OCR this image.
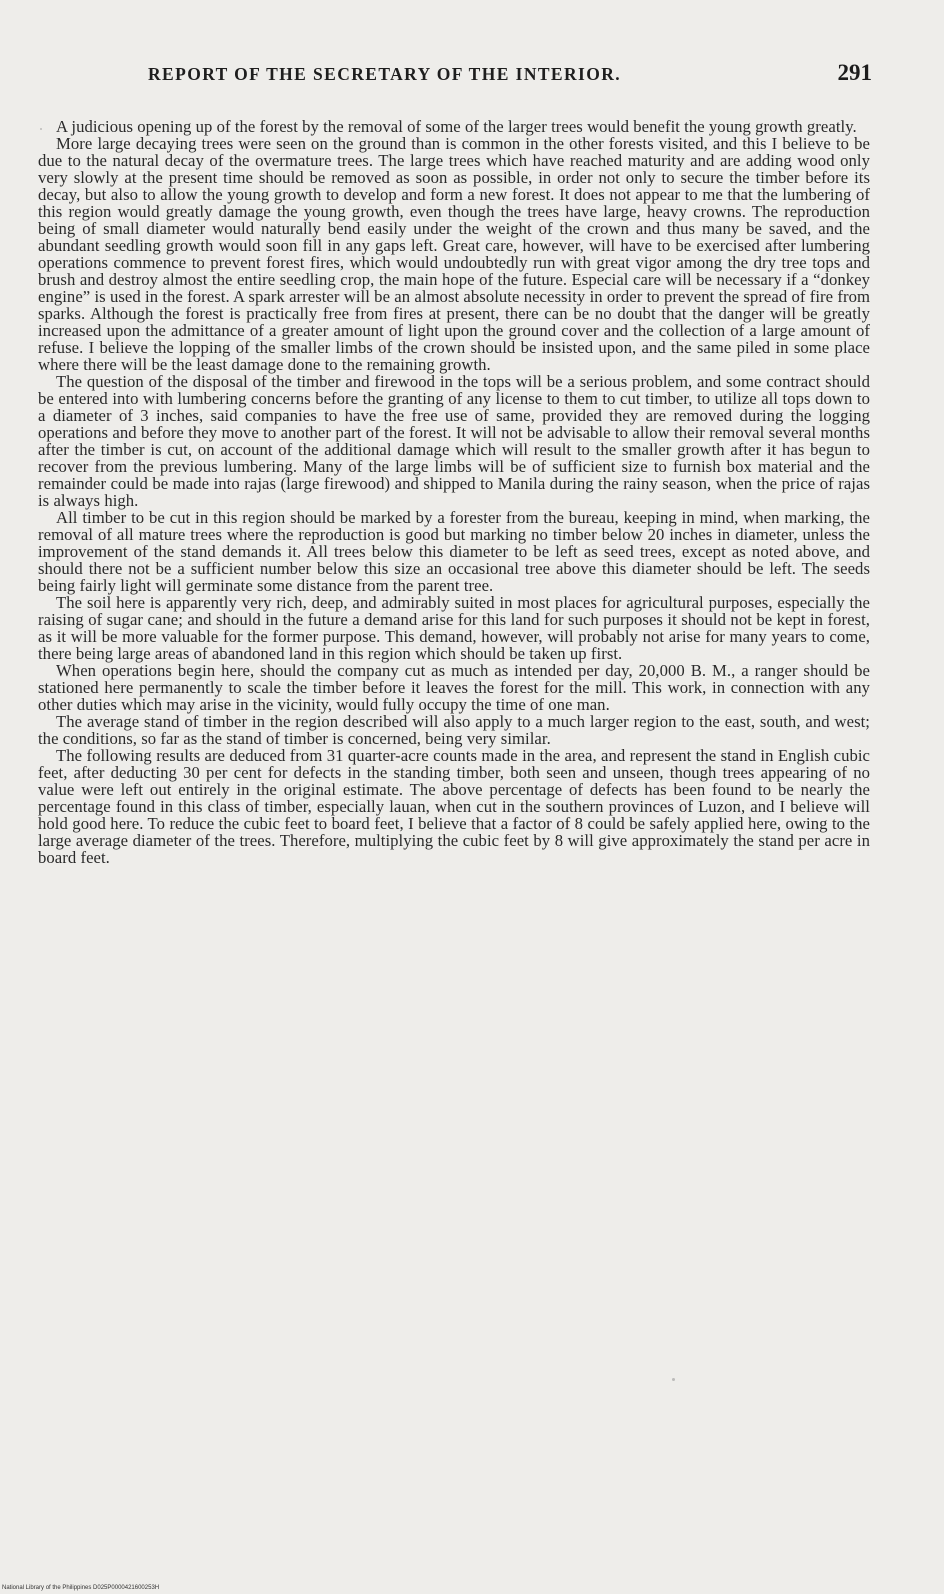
REPORT OF THE SECRETARY OF THE INTERIOR.	291

A judicious opening up of the forest by the removal of some of the larger trees would benefit the young growth greatly.

More large decaying trees were seen on the ground than is common in the other forests visited, and this I believe to be due to the natural decay of the overmature trees. The large trees which have reached maturity and are adding wood only very slowly at the present time should be removed as soon as possible, in order not only to secure the timber before its decay, but also to allow the young growth to develop and form a new forest. It does not appear to me that the lumbering of this region would greatly damage the young growth, even though the trees have large, heavy crowns. The reproduction being of small diameter would naturally bend easily under the weight of the crown and thus many be saved, and the abundant seedling growth would soon fill in any gaps left. Great care, however, will have to be exercised after lumbering operations commence to prevent forest fires, which would undoubtedly run with great vigor among the dry tree tops and brush and destroy almost the entire seedling crop, the main hope of the future. Especial care will be necessary if a “donkey engine” is used in the forest. A spark arrester will be an almost absolute necessity in order to prevent the spread of fire from sparks. Although the forest is practically free from fires at present, there can be no doubt that the danger will be greatly increased upon the admittance of a greater amount of light upon the ground cover and the collection of a large amount of refuse. I believe the lopping of the smaller limbs of the crown should be insisted upon, and the same piled in some place where there will be the least damage done to the remaining growth.

The question of the disposal of the timber and firewood in the tops will be a serious problem, and some contract should be entered into with lumbering concerns before the granting of any license to them to cut timber, to utilize all tops down to a diameter of 3 inches, said companies to have the free use of same, provided they are removed during the logging operations and before they move to another part of the forest. It will not be advisable to allow their removal several months after the timber is cut, on account of the additional damage which will result to the smaller growth after it has begun to recover from the previous lumbering. Many of the large limbs will be of sufficient size to furnish box material and the remainder could be made into rajas (large firewood) and shipped to Manila during the rainy season, when the price of rajas is always high.

All timber to be cut in this region should be marked by a forester from the bureau, keeping in mind, when marking, the removal of all mature trees where the reproduction is good but marking no timber below 20 inches in diameter, unless the improvement of the stand demands it. All trees below this diameter to be left as seed trees, except as noted above, and should there not be a sufficient number below this size an occasional tree above this diameter should be left. The seeds being fairly light will germinate some distance from the parent tree.

The soil here is apparently very rich, deep, and admirably suited in most places for agricultural purposes, especially the raising of sugar cane; and should in the future a demand arise for this land for such purposes it should not be kept in forest, as it will be more valuable for the former purpose. This demand, however, will probably not arise for many years to come, there being large areas of abandoned land in this region which should be taken up first.

When operations begin here, should the company cut as much as intended per day, 20,000 B. M., a ranger should be stationed here permanently to scale the timber before it leaves the forest for the mill. This work, in connection with any other duties which may arise in the vicinity, would fully occupy the time of one man.

The average stand of timber in the region described will also apply to a much larger region to the east, south, and west; the conditions, so far as the stand of timber is concerned, being very similar.

The following results are deduced from 31 quarter-acre counts made in the area, and represent the stand in English cubic feet, after deducting 30 per cent for defects in the standing timber, both seen and unseen, though trees appearing of no value were left out entirely in the original estimate. The above percentage of defects has been found to be nearly the percentage found in this class of timber, especially lauan, when cut in the southern provinces of Luzon, and I believe will hold good here. To reduce the cubic feet to board feet, I believe that a factor of 8 could be safely applied here, owing to the large average diameter of the trees. Therefore, multiplying the cubic feet by 8 will give approximately the stand per acre in board feet.

National Library of the Philippines D025P0000421600253H
